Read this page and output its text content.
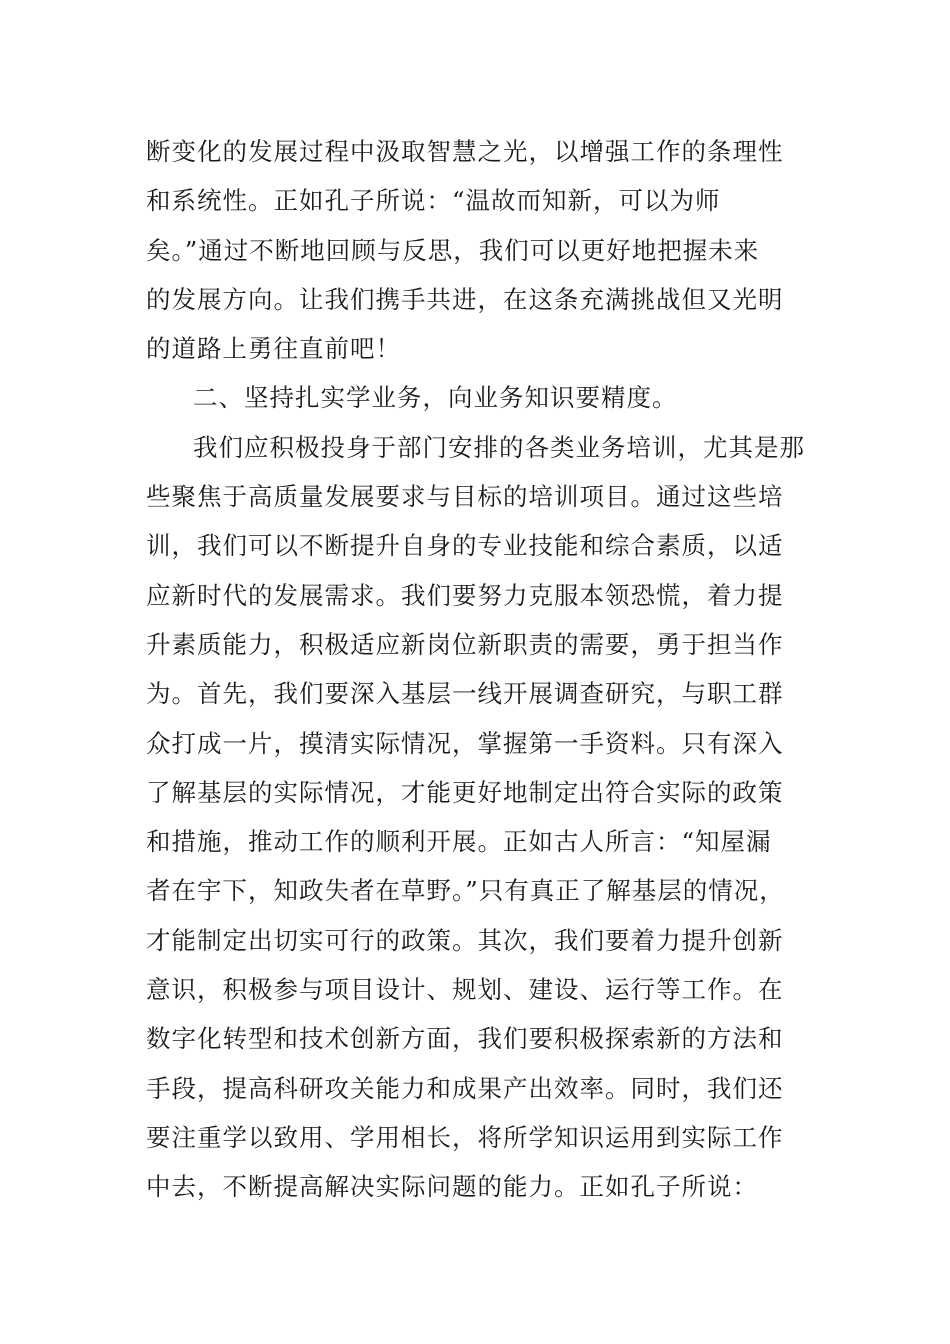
断变化的发展过程中汲取智慧之光，以增强工作的条理性
和系统性。正如孔子所说：“温故而知新，可以为师
矣。”通过不断地回顾与反思，我们可以更好地把握未来
的发展方向。让我们携手共进，在这条充满挑战但又光明
的道路上勇往直前吧！
二、坚持扎实学业务，向业务知识要精度。
我们应积极投身于部门安排的各类业务培训，尤其是那
些聚焦于高质量发展要求与目标的培训项目。通过这些培
训，我们可以不断提升自身的专业技能和综合素质，以适
应新时代的发展需求。我们要努力克服本领恐慌，着力提
升素质能力，积极适应新岗位新职责的需要，勇于担当作
为。首先，我们要深入基层一线开展调查研究，与职工群
众打成一片，摸清实际情况，掌握第一手资料。只有深入
了解基层的实际情况，才能更好地制定出符合实际的政策
和措施，推动工作的顺利开展。正如古人所言：“知屋漏
者在宇下，知政失者在草野。”只有真正了解基层的情况，
才能制定出切实可行的政策。其次，我们要着力提升创新
意识，积极参与项目设计、规划、建设、运行等工作。在
数字化转型和技术创新方面，我们要积极探索新的方法和
手段，提高科研攻关能力和成果产出效率。同时，我们还
要注重学以致用、学用相长，将所学知识运用到实际工作
中去，不断提高解决实际问题的能力。正如孔子所说：
